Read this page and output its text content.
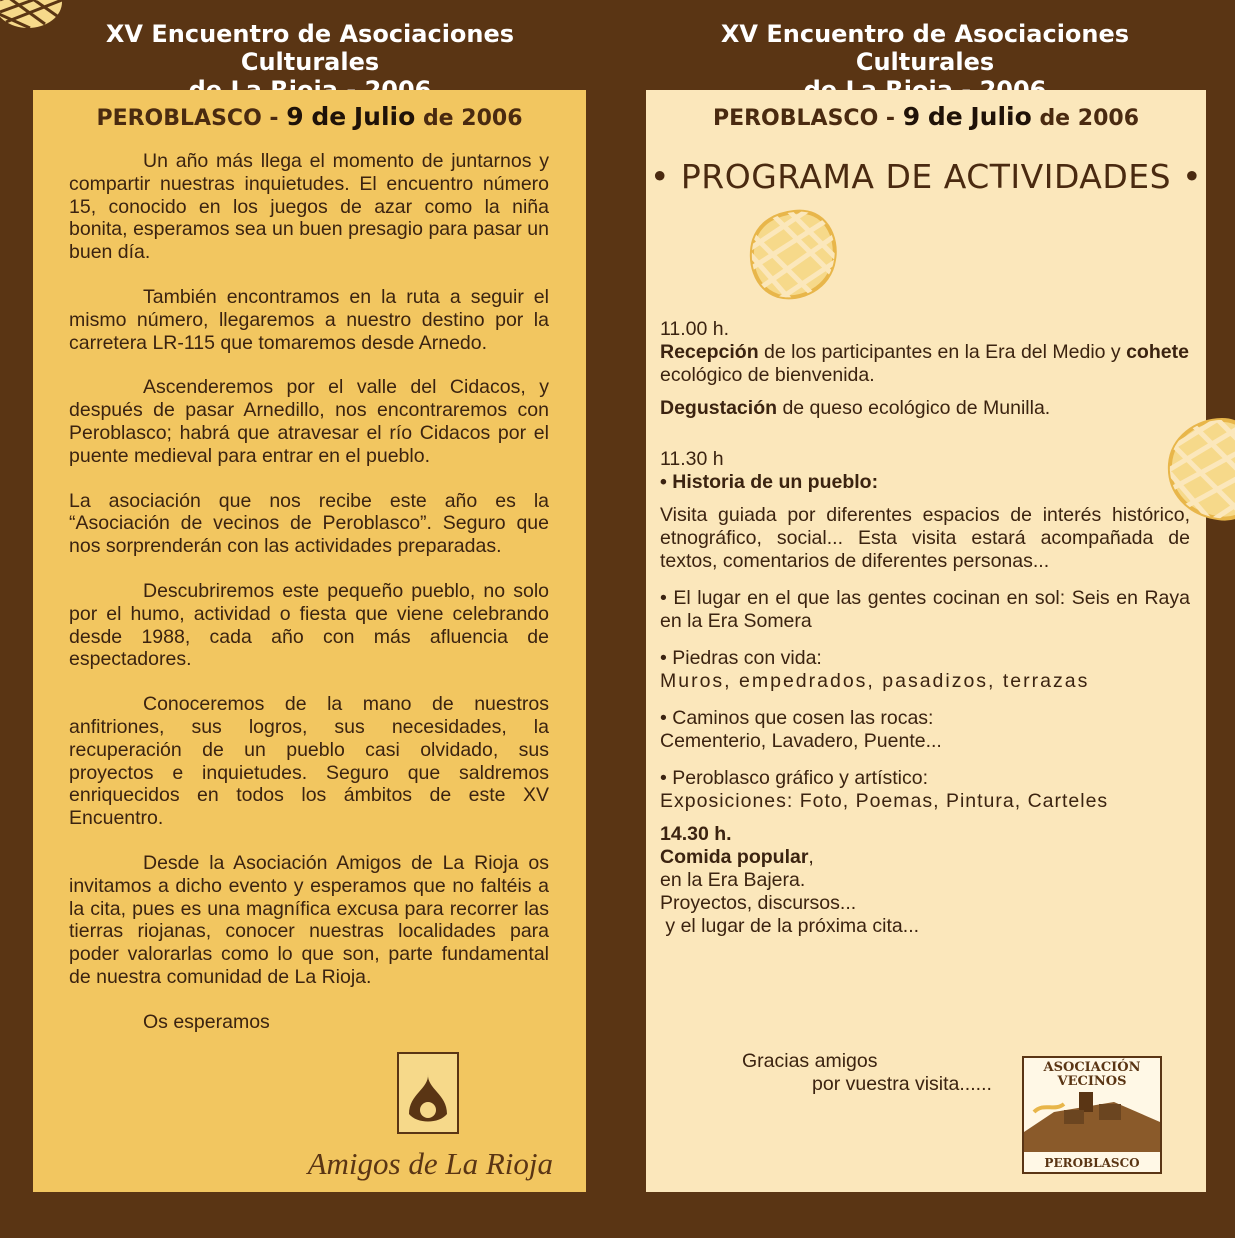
XV Encuentro de Asociaciones Culturales
XV Encuentro de Asociaciones Culturales
PEROBLASCO - 9 de Julio de 2006

Un año más llega el momento de juntarnos y compartir nuestras inquietudes. El encuentro número 15, conocido en los juegos de azar como la niña bonita, esperamos sea un buen presagio para pasar un buen día.

También encontramos en la ruta a seguir el mismo número, llegaremos a nuestro destino por la carretera LR-115 que tomaremos desde Arnedo.

Ascenderemos por el valle del Cidacos, y después de pasar Arnedillo, nos encontraremos con Peroblasco; habrá que atravesar el río Cidacos por el puente medieval para entrar en el pueblo.

La asociación que nos recibe este año es la “Asociación de vecinos de Peroblasco”. Seguro que nos sorprenderán con las actividades preparadas.

Descubriremos este pequeño pueblo, no solo por el humo, actividad o fiesta que viene celebrando desde 1988, cada año con más afluencia de espectadores.

Conoceremos de la mano de nuestros anfitriones, sus logros, sus necesidades, la recuperación de un pueblo casi olvidado, sus proyectos e inquietudes. Seguro que saldremos enriquecidos en todos los ámbitos de este XV Encuentro.

Desde la Asociación Amigos de La Rioja os invitamos a dicho evento y esperamos que no faltéis a la cita, pues es una magnífica excusa para recorrer las tierras riojanas, conocer nuestras localidades para poder valorarlas como lo que son, parte fundamental de nuestra comunidad de La Rioja.

Os esperamos

Amigos de La Rioja
PEROBLASCO - 9 de Julio de 2006
• PROGRAMA DE ACTIVIDADES •
11.00 h.
Recepción de los participantes en la Era del Medio y cohete ecológico de bienvenida.
Degustación de queso ecológico de Munilla.
11.30 h
• Historia de un pueblo:
Visita guiada por diferentes espacios de interés histórico, etnográfico, social... Esta visita estará acompañada de textos, comentarios de diferentes personas...
• El lugar en el que las gentes cocinan en sol: Seis en Raya en la Era Somera
• Piedras con vida:
Muros, empedrados, pasadizos, terrazas
• Caminos que cosen las rocas:
Cementerio, Lavadero, Puente...
• Peroblasco gráfico y artístico:
Exposiciones: Foto, Poemas, Pintura, Carteles
14.30 h.
Comida popular,
en la Era Bajera.
Proyectos, discursos...
y el lugar de la próxima cita...
Gracias amigos
por vuestra visita......
ASOCIACIÓN VECINOS
PEROBLASCO
